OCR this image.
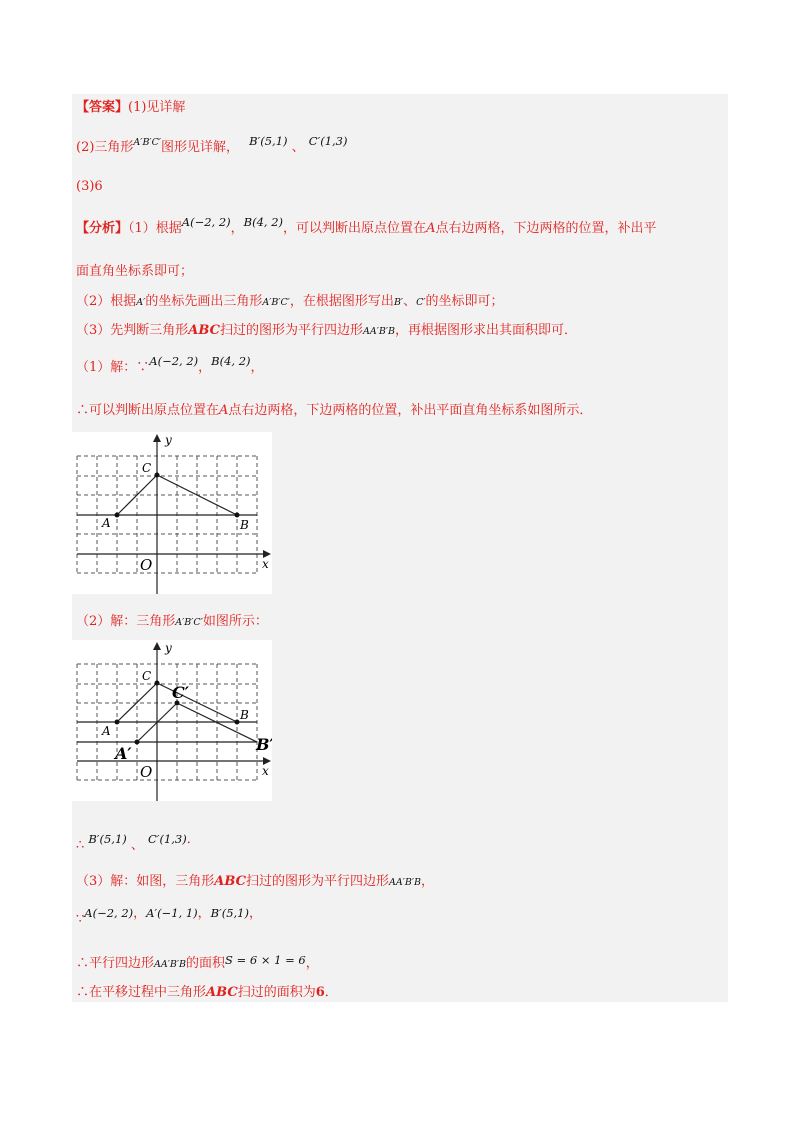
【答案】(1)见详解
(2)三角形$^{A'B'C'}$图形见详解， B′(5,1) 、 C′(1,3)
(3)6
【分析】（1）根据A(−2, 2)，B(4, 2)，可以判断出原点位置在A点右边两格，下边两格的位置，补出平
面直角坐标系即可；
（2）根据A′的坐标先画出三角形A′B′C′，在根据图形写出B′、C′的坐标即可；
（3）先判断三角形ABC扫过的图形为平行四边形AA′B′B，再根据图形求出其面积即可．
（1）解：∵A(−2, 2)，B(4, 2)，
∴可以判断出原点位置在A点右边两格，下边两格的位置，补出平面直角坐标系如图所示．
y
x
O
A	B
C
（2）解：三角形A′B′C′如图所示：
y
x
O
A
B
C
A′	B′
C′
∴ B′(5,1) 、 C′(1,3)．
（3）解：如图，三角形ABC扫过的图形为平行四边形AA′B′B，
∵A(−2, 2)，A′(−1, 1)，B′(5,1)，
∴平行四边形AA′B′B的面积S = 6 × 1 = 6，
∴在平移过程中三角形ABC扫过的面积为6．
